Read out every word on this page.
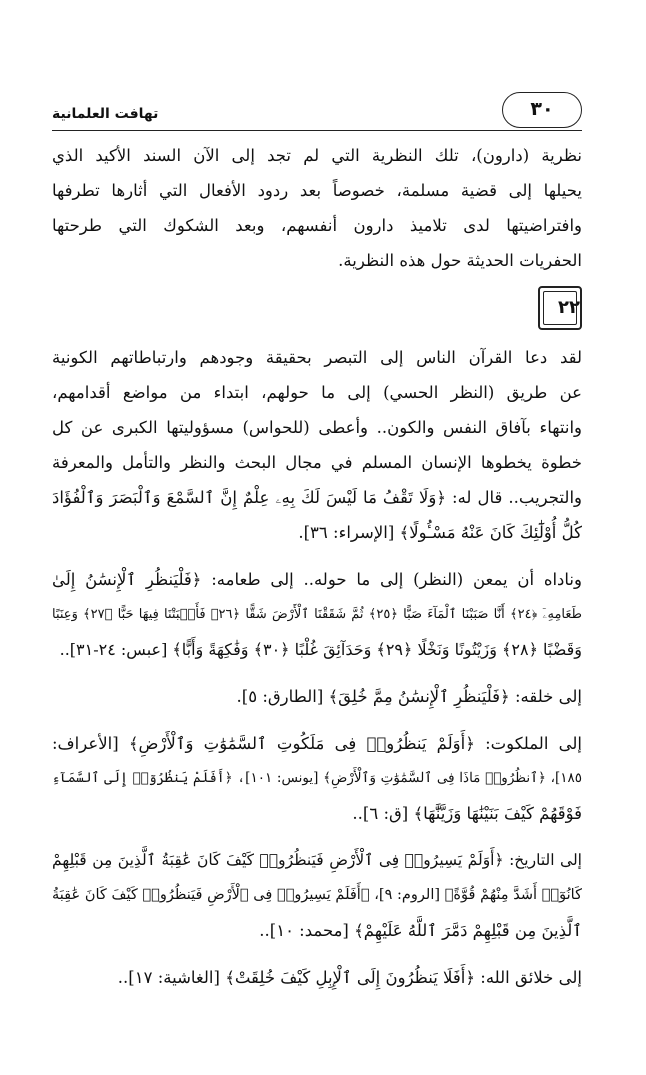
تهافت العلمانية	٣٠
نظرية (دارون)، تلك النظرية التي لم تجد إلى الآن السند الأكيد الذي
يحيلها إلى قضية مسلمة، خصوصاً بعد ردود الأفعال التي أثارها تطرفها
وافتراضيتها لدى تلاميذ دارون أنفسهم، وبعد الشكوك التي طرحتها
الحفريات الحديثة حول هذه النظرية.
٢٢
لقد دعا القرآن الناس إلى التبصر بحقيقة وجودهم وارتباطاتهم الكونية
عن طريق (النظر الحسي) إلى ما حولهم، ابتداء من مواضع أقدامهم،
وانتهاء بآفاق النفس والكون.. وأعطى (للحواس) مسؤوليتها الكبرى عن كل
خطوة يخطوها الإنسان المسلم في مجال البحث والنظر والتأمل والمعرفة
والتجريب.. قال له: ﴿وَلَا تَقْفُ مَا لَيْسَ لَكَ بِهِۦ عِلْمٌ إِنَّ ٱلسَّمْعَ وَٱلْبَصَرَ وَٱلْفُؤَادَ
كُلُّ أُوْلَٰٓئِكَ كَانَ عَنْهُ مَسْـُٔولًا﴾ [الإسراء: ٣٦].
وناداه أن يمعن (النظر) إلى ما حوله.. إلى طعامه: ﴿فَلْيَنظُرِ ٱلْإِنسَٰنُ إِلَىٰ
طَعَامِهِۦٓ ﴿٢٤﴾ أَنَّا صَبَبْنَا ٱلْمَآءَ صَبًّا ﴿٢٥﴾ ثُمَّ شَقَقْنَا ٱلْأَرْضَ شَقًّا ﴿٢٦﴾ فَأَنۢبَتْنَا فِيهَا حَبًّا ﴿٢٧﴾ وَعِنَبًا
وَقَضْبًا ﴿٢٨﴾ وَزَيْتُونًا وَنَخْلًا ﴿٢٩﴾ وَحَدَآئِقَ غُلْبًا ﴿٣٠﴾ وَفَٰكِهَةً وَأَبًّا﴾ [عبس: ٢٤-٣١]..
إلى خلقه: ﴿فَلْيَنظُرِ ٱلْإِنسَٰنُ مِمَّ خُلِقَ﴾ [الطارق: ٥].
إلى الملكوت: ﴿أَوَلَمْ يَنظُرُوا۟ فِى مَلَكُوتِ ٱلسَّمَٰوَٰتِ وَٱلْأَرْضِ﴾ [الأعراف:
١٨٥]، ﴿ٱنظُرُوا۟ مَاذَا فِى ٱلسَّمَٰوَٰتِ وَٱلْأَرْضِ﴾ [يونس: ١٠١]، ﴿أَفَلَمْ يَنظُرُوٓا۟ إِلَى ٱلسَّمَآءِ
فَوْقَهُمْ كَيْفَ بَنَيْنَٰهَا وَزَيَّنَّٰهَا﴾ [ق: ٦]..
إلى التاريخ: ﴿أَوَلَمْ يَسِيرُوا۟ فِى ٱلْأَرْضِ فَيَنظُرُوا۟ كَيْفَ كَانَ عَٰقِبَةُ ٱلَّذِينَ مِن قَبْلِهِمْ
كَانُوٓا۟ أَشَدَّ مِنْهُمْ قُوَّةً﴾ [الروم: ٩]، ﴿أَفَلَمْ يَسِيرُوا۟ فِى ٱلْأَرْضِ فَيَنظُرُوا۟ كَيْفَ كَانَ عَٰقِبَةُ
ٱلَّذِينَ مِن قَبْلِهِمْ دَمَّرَ ٱللَّهُ عَلَيْهِمْ﴾ [محمد: ١٠]..
إلى خلائق الله: ﴿أَفَلَا يَنظُرُونَ إِلَى ٱلْإِبِلِ كَيْفَ خُلِقَتْ﴾ [الغاشية: ١٧]..
